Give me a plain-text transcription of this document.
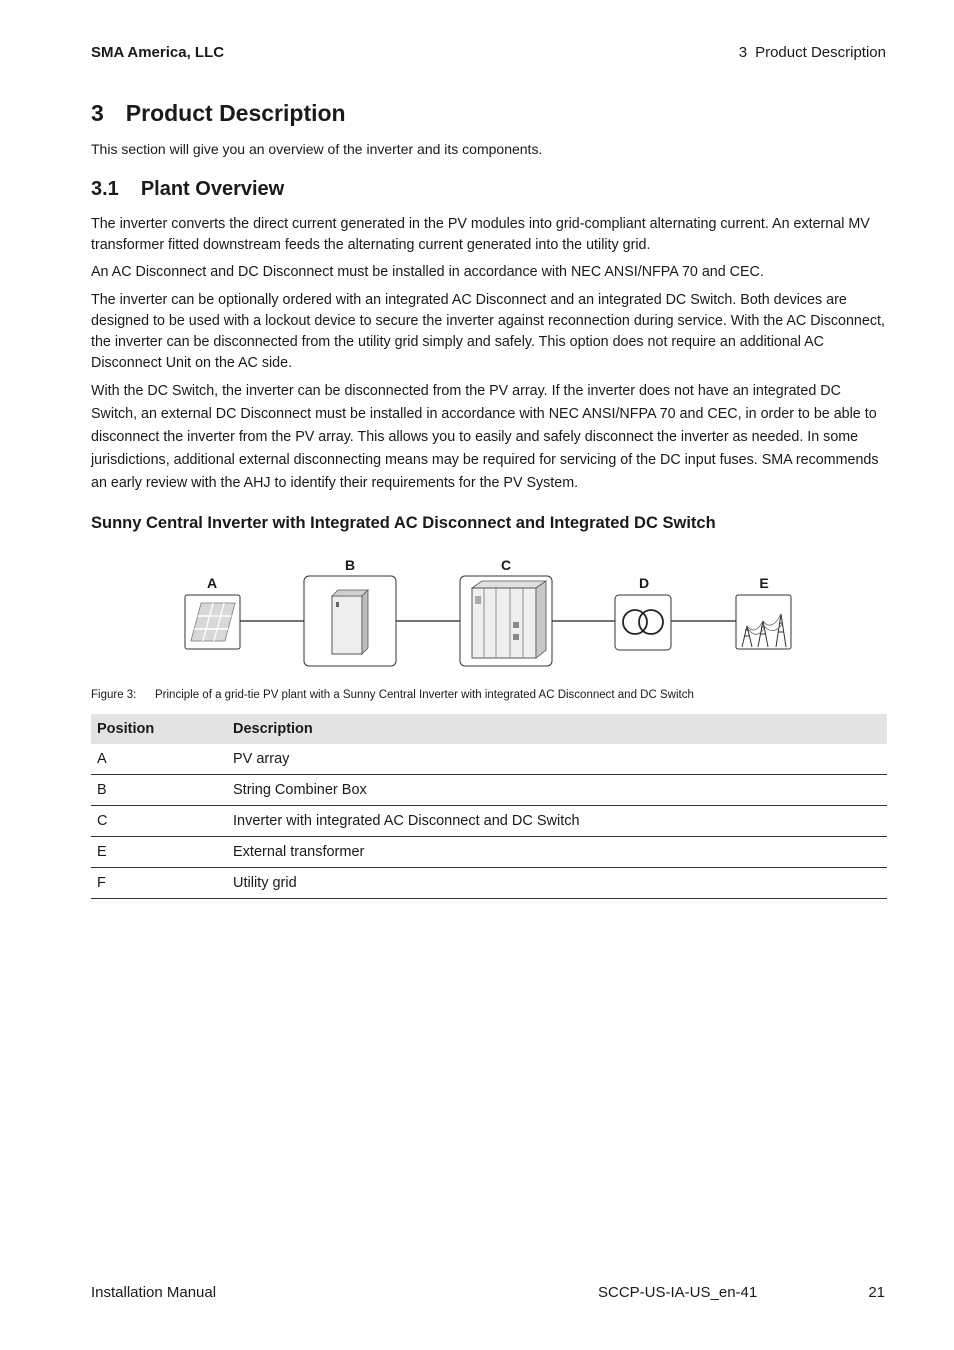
SMA America, LLC	3 Product Description
3 Product Description
This section will give you an overview of the inverter and its components.
3.1 Plant Overview

The inverter converts the direct current generated in the PV modules into grid-compliant alternating current. An external MV transformer fitted downstream feeds the alternating current generated into the utility grid.

An AC Disconnect and DC Disconnect must be installed in accordance with NEC ANSI/NFPA 70 and CEC.

The inverter can be optionally ordered with an integrated AC Disconnect and an integrated DC Switch. Both devices are designed to be used with a lockout device to secure the inverter against reconnection during service. With the AC Disconnect, the inverter can be disconnected from the utility grid simply and safely. This option does not require an additional AC Disconnect Unit on the AC side.

With the DC Switch, the inverter can be disconnected from the PV array. If the inverter does not have an integrated DC Switch, an external DC Disconnect must be installed in accordance with NEC ANSI/NFPA 70 and CEC, in order to be able to disconnect the inverter from the PV array. This allows you to easily and safely disconnect the inverter as needed. In some jurisdictions, additional external disconnecting means may be required for servicing of the DC input fuses. SMA recommends an early review with the AHJ to identify their requirements for the PV System.

Sunny Central Inverter with Integrated AC Disconnect and Integrated DC Switch
A
B	C
D	E
Figure 3: Principle of a grid-tie PV plant with a Sunny Central Inverter with integrated AC Disconnect and DC Switch
Position	Description
A	PV array
B	String Combiner Box
C	Inverter with integrated AC Disconnect and DC Switch
E	External transformer
F	Utility grid
Installation Manual	SCCP-US-IA-US_en-41	21
